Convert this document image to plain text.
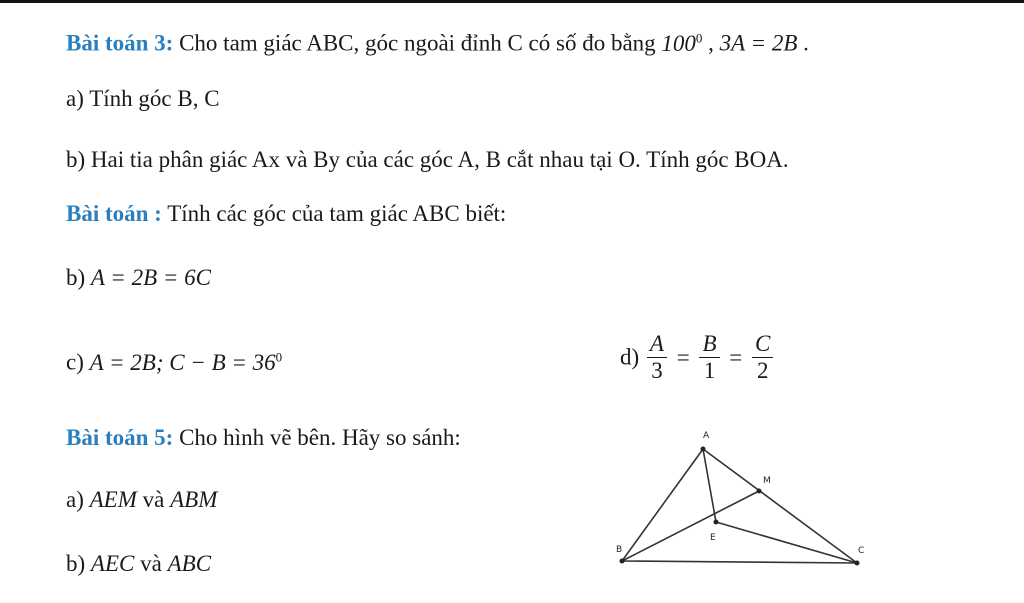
Bài toán 3: Cho tam giác ABC, góc ngoài đỉnh C có số đo bằng $100^0$ , 3A = 2B .
a) Tính góc B, C
b) Hai tia phân giác Ax và By của các góc A, B cắt nhau tại O. Tính góc BOA.
Bài toán : Tính các góc của tam giác ABC biết:
b) A = 2B = 6C
c) A = 2B; $C - B = 36^0$	$d) \frac{A}{3} = \frac{B}{1} = \frac{C}{2}$
Bài toán 5: Cho hình vẽ bên. Hãy so sánh:
a) AEM và ABM
b) AEC và ABC
A
M
E
B	C
